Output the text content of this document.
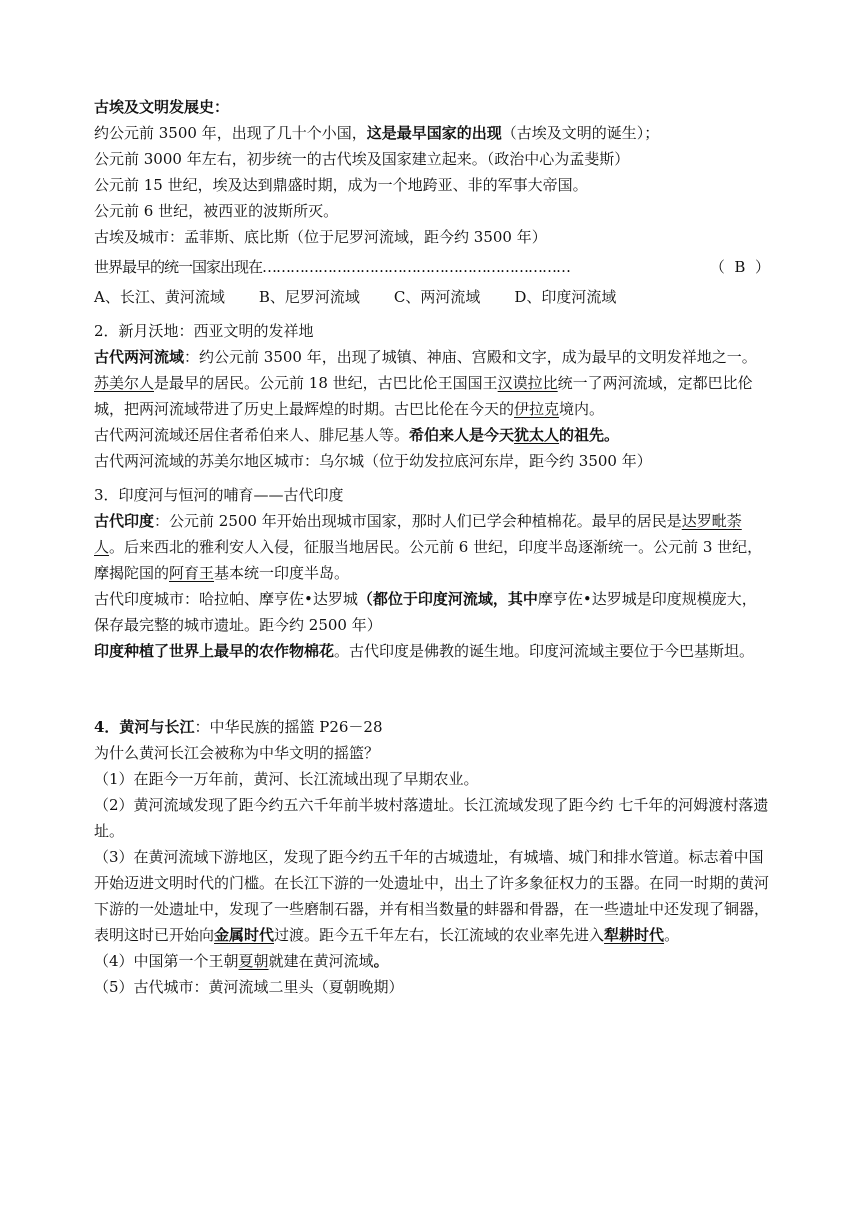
古埃及文明发展史：

约公元前 3500 年，出现了几十个小国，这是最早国家的出现（古埃及文明的诞生）；

公元前 3000 年左右，初步统一的古代埃及国家建立起来。（政治中心为孟斐斯）

公元前 15 世纪，埃及达到鼎盛时期，成为一个地跨亚、非的军事大帝国。

公元前 6 世纪，被西亚的波斯所灭。

古埃及城市：孟菲斯、底比斯（位于尼罗河流域，距今约 3500 年）

世界最早的统一国家出现在…………………………………………………………	（  B  ）
A、长江、黄河流域 B、尼罗河流域 C、两河流域 D、印度河流域

2．新月沃地：西亚文明的发祥地

古代两河流域：约公元前 3500 年，出现了城镇、神庙、宫殿和文字，成为最早的文明发祥地之一。苏美尔人是最早的居民。公元前 18 世纪，古巴比伦王国国王汉谟拉比统一了两河流域，定都巴比伦城，把两河流域带进了历史上最辉煌的时期。古巴比伦在今天的伊拉克境内。

古代两河流域还居住者希伯来人、腓尼基人等。希伯来人是今天犹太人的祖先。

古代两河流域的苏美尔地区城市：乌尔城（位于幼发拉底河东岸，距今约 3500 年）

3．印度河与恒河的哺育——古代印度

古代印度：公元前 2500 年开始出现城市国家，那时人们已学会种植棉花。最早的居民是达罗毗荼人。后来西北的雅利安人入侵，征服当地居民。公元前 6 世纪，印度半岛逐渐统一。公元前 3 世纪，摩揭陀国的阿育王基本统一印度半岛。

古代印度城市：哈拉帕、摩亨佐•达罗城（都位于印度河流域，其中摩亨佐•达罗城是印度规模庞大，保存最完整的城市遗址。距今约 2500 年）

印度种植了世界上最早的农作物棉花。古代印度是佛教的诞生地。印度河流域主要位于今巴基斯坦。

4．黄河与长江：中华民族的摇篮 P26－28

为什么黄河长江会被称为中华文明的摇篮？

（1）在距今一万年前，黄河、长江流域出现了早期农业。

（2）黄河流域发现了距今约五六千年前半坡村落遗址。长江流域发现了距今约 七千年的河姆渡村落遗址。

（3）在黄河流域下游地区，发现了距今约五千年的古城遗址，有城墙、城门和排水管道。标志着中国开始迈进文明时代的门槛。在长江下游的一处遗址中，出土了许多象征权力的玉器。在同一时期的黄河下游的一处遗址中，发现了一些磨制石器，并有相当数量的蚌器和骨器，在一些遗址中还发现了铜器，表明这时已开始向金属时代过渡。距今五千年左右，长江流域的农业率先进入犁耕时代。

（4）中国第一个王朝夏朝就建在黄河流域。

（5）古代城市：黄河流域二里头（夏朝晚期）
